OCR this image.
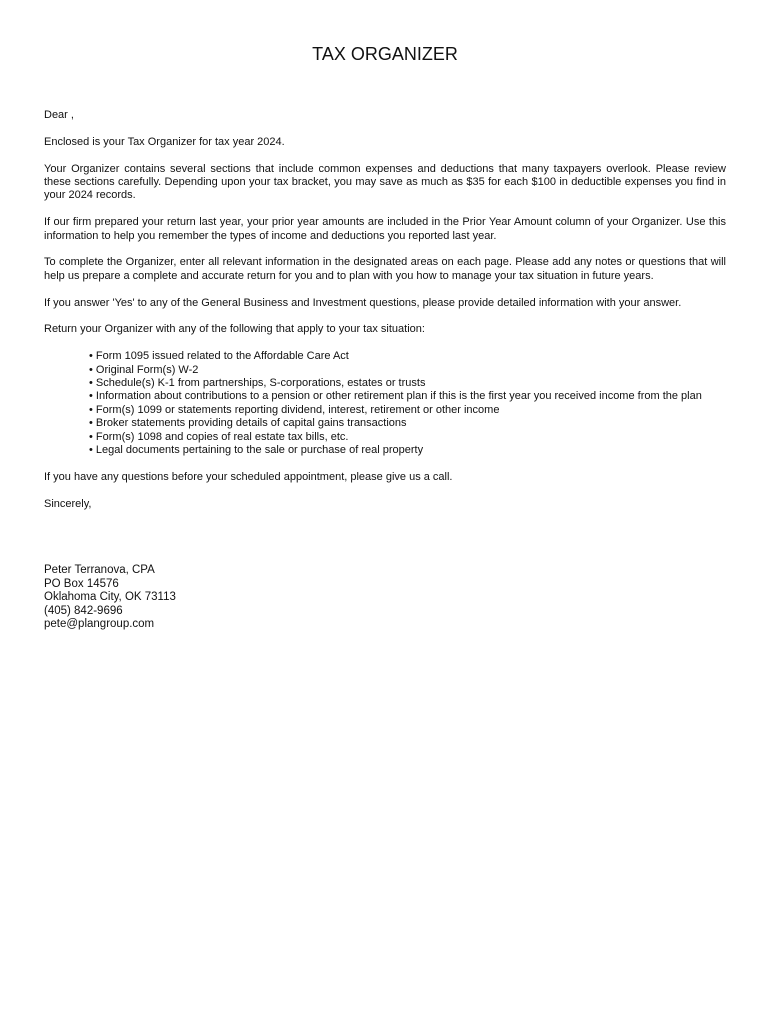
TAX ORGANIZER

Dear ,

Enclosed is your Tax Organizer for tax year 2024.

Your Organizer contains several sections that include common expenses and deductions that many taxpayers overlook. Please review these sections carefully. Depending upon your tax bracket, you may save as much as $35 for each $100 in deductible expenses you find in your 2024 records.

If our firm prepared your return last year, your prior year amounts are included in the Prior Year Amount column of your Organizer. Use this information to help you remember the types of income and deductions you reported last year.

To complete the Organizer, enter all relevant information in the designated areas on each page. Please add any notes or questions that will help us prepare a complete and accurate return for you and to plan with you how to manage your tax situation in future years.

If you answer 'Yes' to any of the General Business and Investment questions, please provide detailed information with your answer.

Return your Organizer with any of the following that apply to your tax situation:

• Form 1095 issued related to the Affordable Care Act
• Original Form(s) W-2
• Schedule(s) K-1 from partnerships, S-corporations, estates or trusts
• Information about contributions to a pension or other retirement plan if this is the first year you received income from the plan
• Form(s) 1099 or statements reporting dividend, interest, retirement or other income
• Broker statements providing details of capital gains transactions
• Form(s) 1098 and copies of real estate tax bills, etc.
• Legal documents pertaining to the sale or purchase of real property

If you have any questions before your scheduled appointment, please give us a call.

Sincerely,

Peter Terranova, CPA
PO Box 14576
Oklahoma City, OK 73113
(405) 842-9696
pete@plangroup.com
